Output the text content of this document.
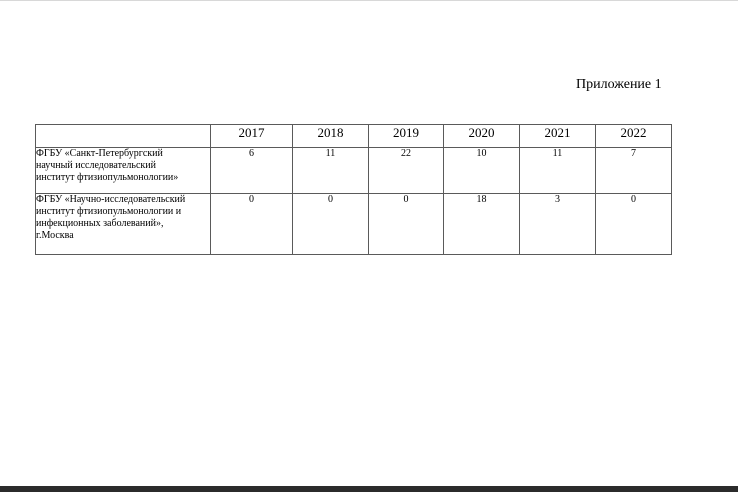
Приложение 1
	2017	2018	2019	2020	2021	2022

ФГБУ «Санкт-Петербургский
научный исследовательский
институт фтизиопульмонологии»	6	11	22	10	11	7

ФГБУ «Научно-исследовательский
институт фтизиопульмонологии и
инфекционных заболеваний»,
г.Москва	0	0	0	18	3	0
